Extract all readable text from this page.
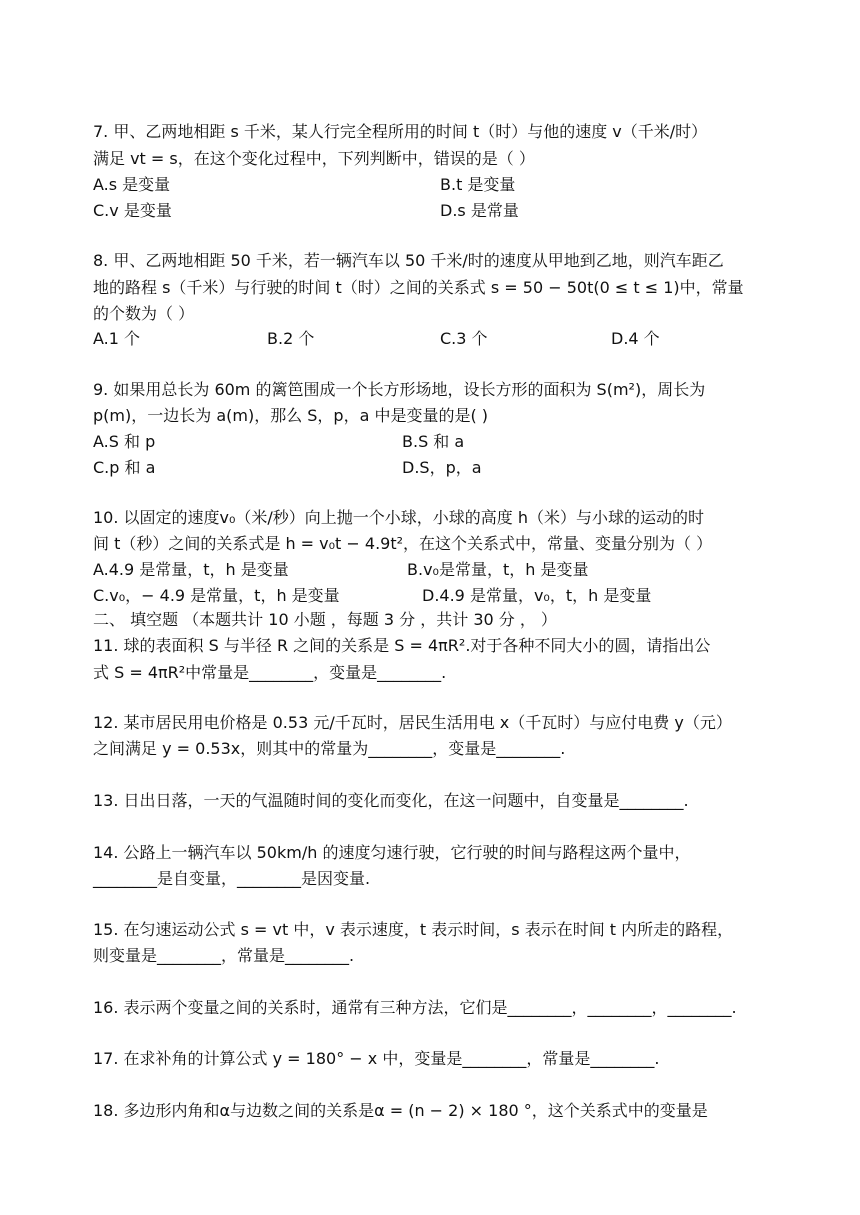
7. 甲、乙两地相距 s 千米，某人行完全程所用的时间 t（时）与他的速度 v（千米/时）
满足 vt = s，在这个变化过程中，下列判断中，错误的是（ ）
A.s 是变量	B.t 是变量
C.v 是变量	D.s 是常量
8. 甲、乙两地相距 50 千米，若一辆汽车以 50 千米/时的速度从甲地到乙地，则汽车距乙
地的路程 s（千米）与行驶的时间 t（时）之间的关系式 s = 50 − 50t(0 ≤ t ≤ 1)中，常量
的个数为（ ）
A.1 个	B.2 个	C.3 个	D.4 个
9. 如果用总长为 60m 的篱笆围成一个长方形场地，设长方形的面积为 S(m²)，周长为
p(m)，一边长为 a(m)，那么 S，p，a 中是变量的是( )
A.S 和 p	B.S 和 a
C.p 和 a	D.S，p，a
10. 以固定的速度v₀（米/秒）向上抛一个小球，小球的高度 h（米）与小球的运动的时
间 t（秒）之间的关系式是 h = v₀t − 4.9t²，在这个关系式中，常量、变量分别为（ ）
A.4.9 是常量，t，h 是变量	B.v₀是常量，t，h 是变量
C.v₀，− 4.9 是常量，t，h 是变量	D.4.9 是常量，v₀，t，h 是变量
二、 填空题 （本题共计 10 小题 ，每题 3 分 ，共计 30 分 ， ）
11. 球的表面积 S 与半径 R 之间的关系是 S = 4πR².对于各种不同大小的圆，请指出公
式 S = 4πR²中常量是________，变量是________.
12. 某市居民用电价格是 0.53 元/千瓦时，居民生活用电 x（千瓦时）与应付电费 y（元）
之间满足 y = 0.53x，则其中的常量为________，变量是________.
13. 日出日落，一天的气温随时间的变化而变化，在这一问题中，自变量是________.
14. 公路上一辆汽车以 50km/h 的速度匀速行驶，它行驶的时间与路程这两个量中，
________是自变量，________是因变量.
15. 在匀速运动公式 s = vt 中，v 表示速度，t 表示时间，s 表示在时间 t 内所走的路程，
则变量是________，常量是________.
16. 表示两个变量之间的关系时，通常有三种方法，它们是________，________，________.
17. 在求补角的计算公式 y = 180° − x 中，变量是________，常量是________.
18. 多边形内角和α与边数之间的关系是α = (n − 2) × 180 °，这个关系式中的变量是
